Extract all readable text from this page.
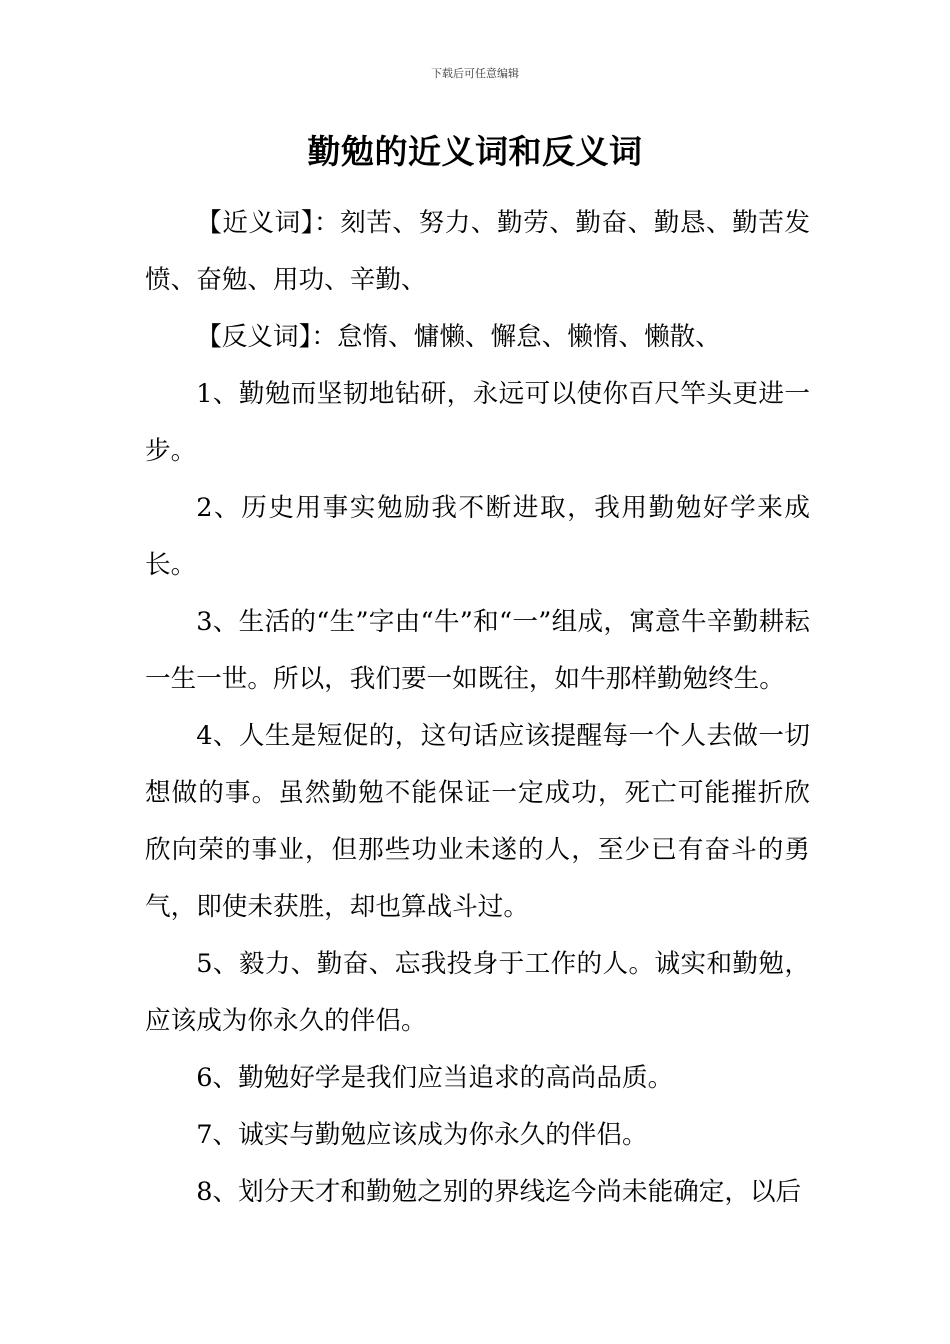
下载后可任意编辑
勤勉的近义词和反义词

【近义词】：刻苦、努力、勤劳、勤奋、勤恳、勤苦发愤、奋勉、用功、辛勤、

【反义词】：怠惰、慵懒、懈怠、懒惰、懒散、

1、勤勉而坚韧地钻研，永远可以使你百尺竿头更进一步。

2、历史用事实勉励我不断进取，我用勤勉好学来成长。

3、生活的“生”字由“牛”和“一”组成，寓意牛辛勤耕耘一生一世。所以，我们要一如既往，如牛那样勤勉终生。

4、人生是短促的，这句话应该提醒每一个人去做一切想做的事。虽然勤勉不能保证一定成功，死亡可能摧折欣欣向荣的事业，但那些功业未遂的人，至少已有奋斗的勇气，即使未获胜，却也算战斗过。

5、毅力、勤奋、忘我投身于工作的人。诚实和勤勉，应该成为你永久的伴侣。

6、勤勉好学是我们应当追求的高尚品质。

7、诚实与勤勉应该成为你永久的伴侣。

8、划分天才和勤勉之别的界线迄今尚未能确定，以后
